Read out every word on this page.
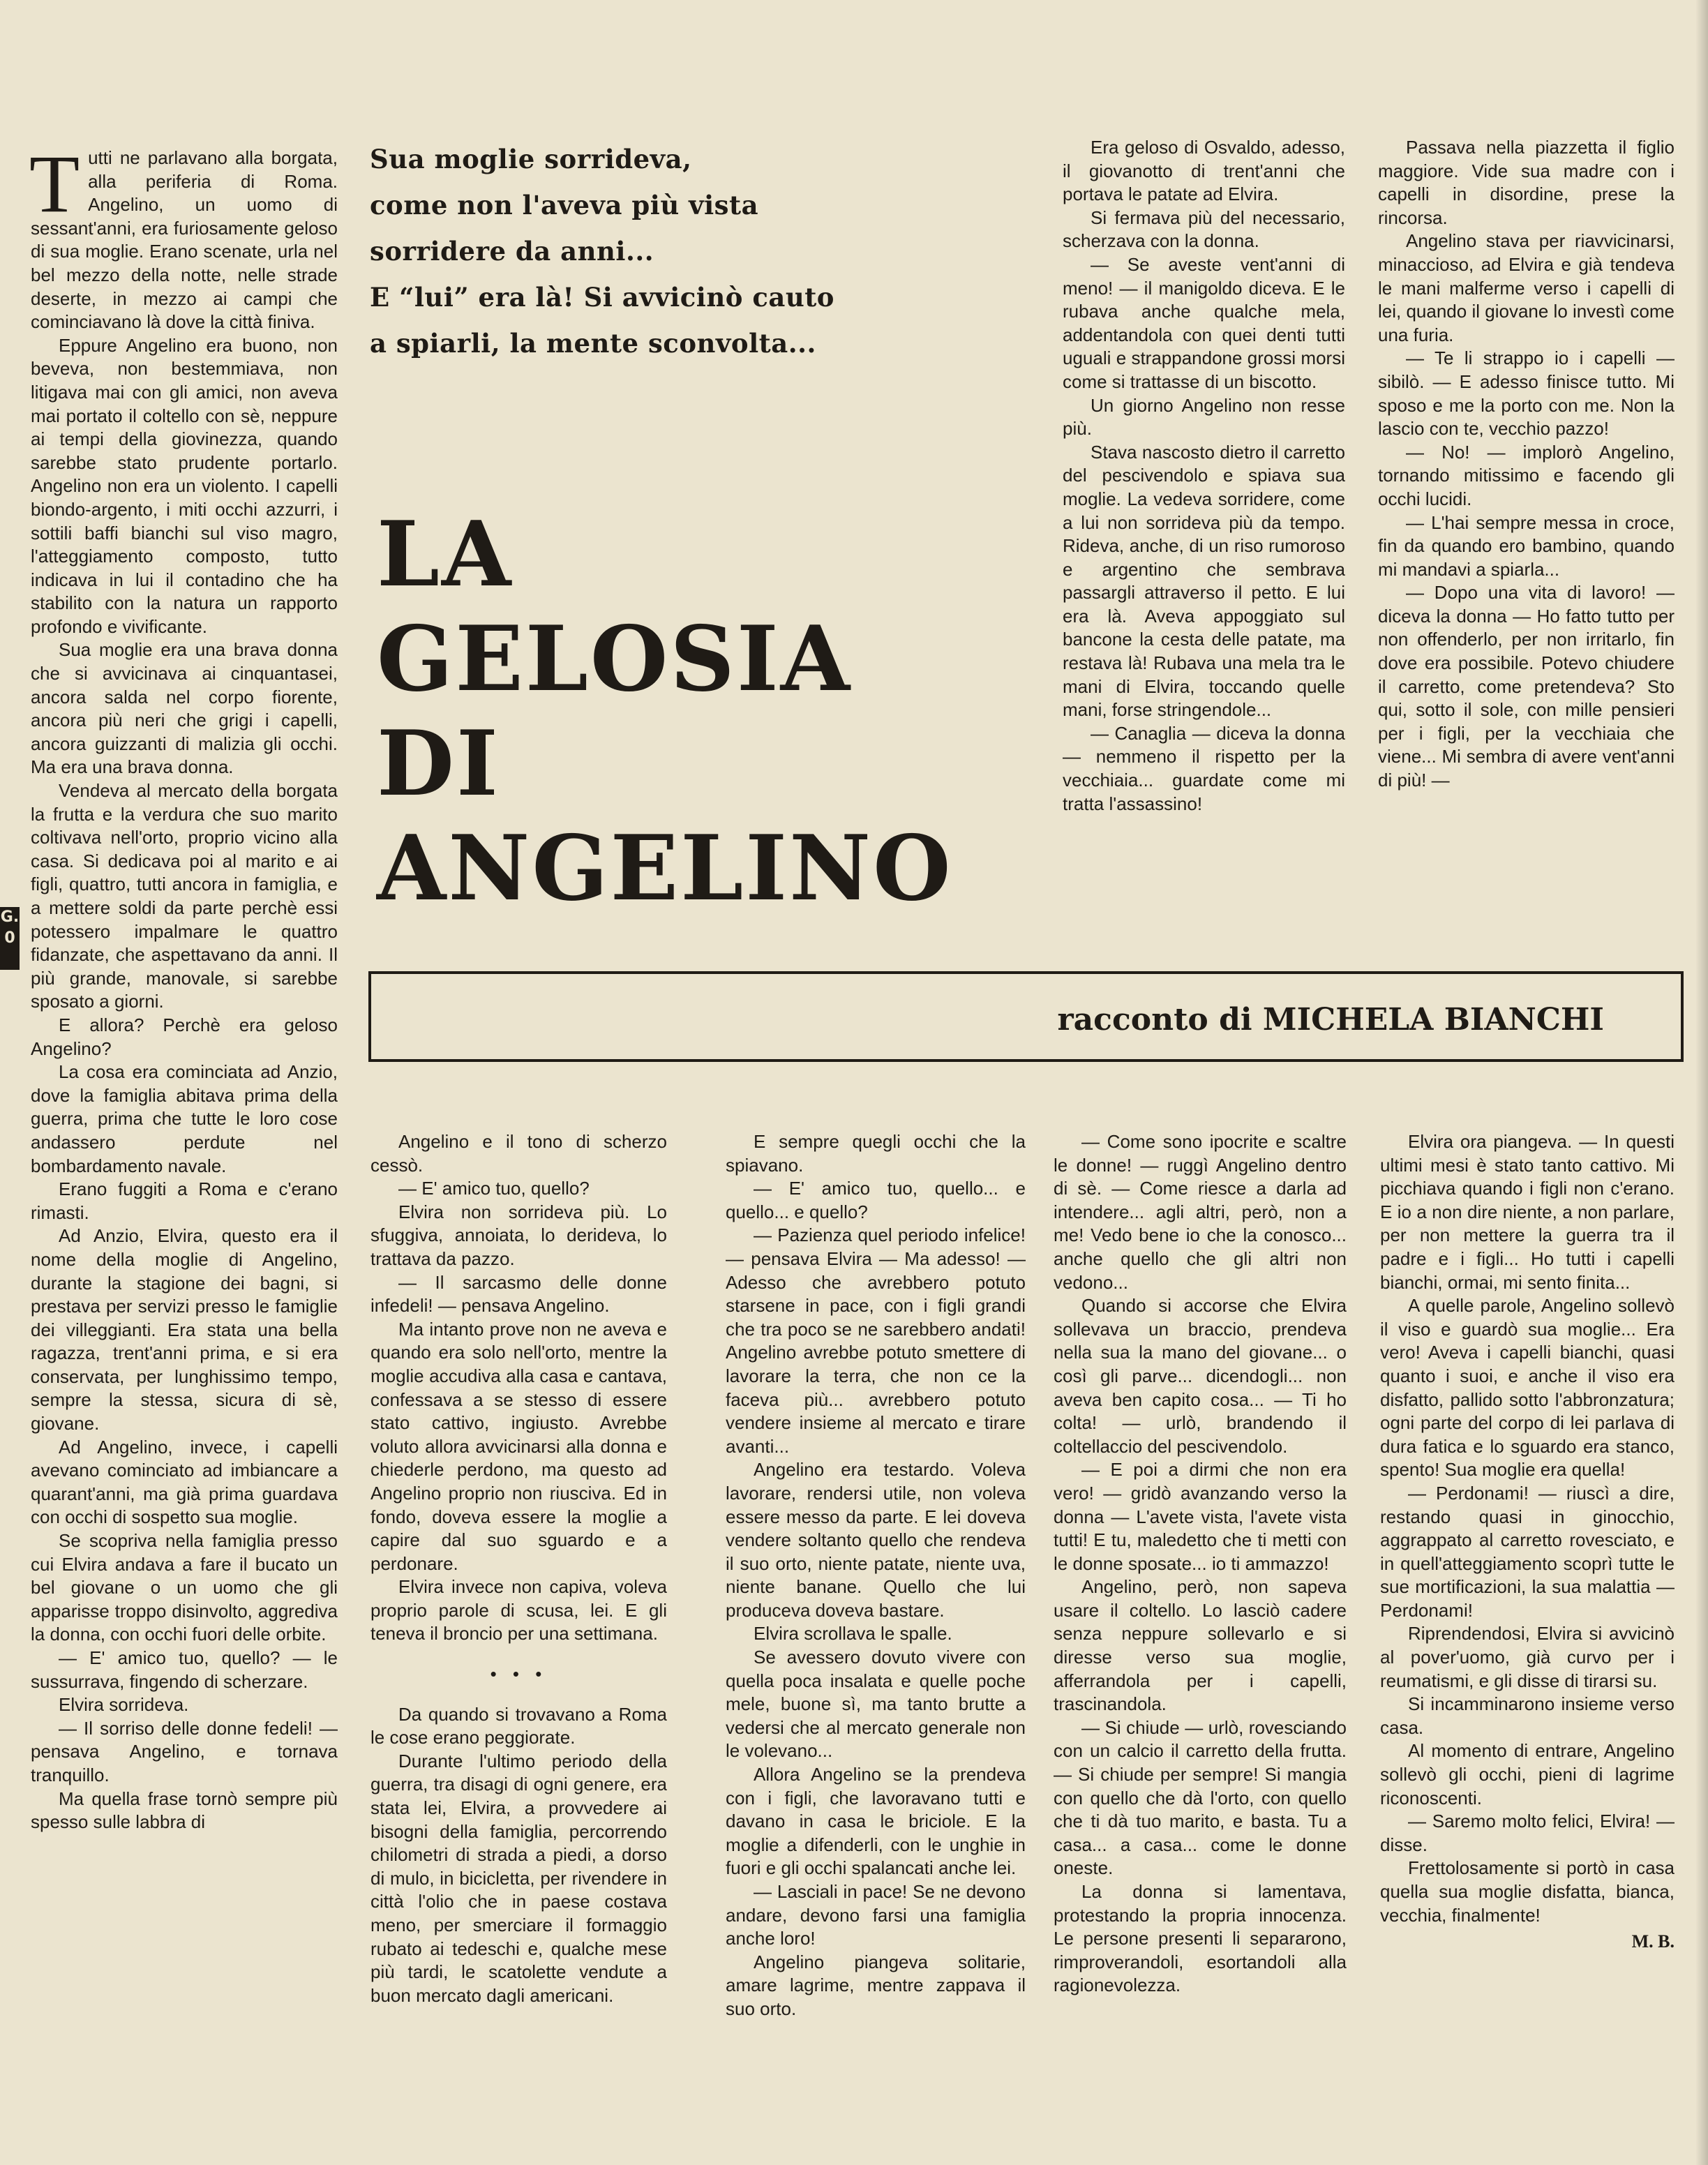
G.
0

Tutti ne parlavano alla borgata, alla periferia di Roma. Angelino, un uomo di sessant'anni, era furiosamente geloso di sua moglie. Erano scenate, urla nel bel mezzo della notte, nelle strade deserte, in mezzo ai campi che cominciavano là dove la città finiva.

Eppure Angelino era buono, non beveva, non bestemmiava, non litigava mai con gli amici, non aveva mai portato il coltello con sè, neppure ai tempi della giovinezza, quando sarebbe stato prudente portarlo. Angelino non era un violento. I capelli biondo-argento, i miti occhi azzurri, i sottili baffi bianchi sul viso magro, l'atteggiamento composto, tutto indicava in lui il contadino che ha stabilito con la natura un rapporto profondo e vivificante.

Sua moglie era una brava donna che si avvicinava ai cinquantasei, ancora salda nel corpo fiorente, ancora più neri che grigi i capelli, ancora guizzanti di malizia gli occhi. Ma era una brava donna.

Vendeva al mercato della borgata la frutta e la verdura che suo marito coltivava nell'orto, proprio vicino alla casa. Si dedicava poi al marito e ai figli, quattro, tutti ancora in famiglia, e a mettere soldi da parte perchè essi potessero impalmare le quattro fidanzate, che aspettavano da anni. Il più grande, manovale, si sarebbe sposato a giorni.

E allora? Perchè era geloso Angelino?

La cosa era cominciata ad Anzio, dove la famiglia abitava prima della guerra, prima che tutte le loro cose andassero perdute nel bombardamento navale.

Erano fuggiti a Roma e c'erano rimasti.

Ad Anzio, Elvira, questo era il nome della moglie di Angelino, durante la stagione dei bagni, si prestava per servizi presso le famiglie dei villeggianti. Era stata una bella ragazza, trent'anni prima, e si era conservata, per lunghissimo tempo, sempre la stessa, sicura di sè, giovane.

Ad Angelino, invece, i capelli avevano cominciato ad imbiancare a quarant'anni, ma già prima guardava con occhi di sospetto sua moglie.

Se scopriva nella famiglia presso cui Elvira andava a fare il bucato un bel giovane o un uomo che gli apparisse troppo disinvolto, aggrediva la donna, con occhi fuori delle orbite.

— E' amico tuo, quello? — le sussurrava, fingendo di scherzare.

Elvira sorrideva.

— Il sorriso delle donne fedeli! — pensava Angelino, e tornava tranquillo.

Ma quella frase tornò sempre più spesso sulle labbra di

Sua moglie sorrideva,
come non l'aveva più vista
sorridere da anni...
E “lui” era là! Si avvicinò cauto
a spiarli, la mente sconvolta...
LA
GELOSIA
DI
ANGELINO

Era geloso di Osvaldo, adesso, il giovanotto di trent'anni che portava le patate ad Elvira.

Si fermava più del necessario, scherzava con la donna.

— Se aveste vent'anni di meno! — il manigoldo diceva. E le rubava anche qualche mela, addentandola con quei denti tutti uguali e strappandone grossi morsi come si trattasse di un biscotto.

Un giorno Angelino non resse più.

Stava nascosto dietro il carretto del pescivendolo e spiava sua moglie. La vedeva sorridere, come a lui non sorrideva più da tempo. Rideva, anche, di un riso rumoroso e argentino che sembrava passargli attraverso il petto. E lui era là. Aveva appoggiato sul bancone la cesta delle patate, ma restava là! Rubava una mela tra le mani di Elvira, toccando quelle mani, forse stringendole...

— Canaglia — diceva la donna — nemmeno il rispetto per la vecchiaia... guardate come mi tratta l'assassino!

Passava nella piazzetta il figlio maggiore. Vide sua madre con i capelli in disordine, prese la rincorsa.

Angelino stava per riavvicinarsi, minaccioso, ad Elvira e già tendeva le mani malferme verso i capelli di lei, quando il giovane lo investì come una furia.

— Te li strappo io i capelli — sibilò. — E adesso finisce tutto. Mi sposo e me la porto con me. Non la lascio con te, vecchio pazzo!

— No! — implorò Angelino, tornando mitissimo e facendo gli occhi lucidi.

— L'hai sempre messa in croce, fin da quando ero bambino, quando mi mandavi a spiarla...

— Dopo una vita di lavoro! — diceva la donna — Ho fatto tutto per non offenderlo, per non irritarlo, fin dove era possibile. Potevo chiudere il carretto, come pretendeva? Sto qui, sotto il sole, con mille pensieri per i figli, per la vecchiaia che viene... Mi sembra di avere vent'anni di più! —

racconto di MICHELA BIANCHI

Angelino e il tono di scherzo cessò.

— E' amico tuo, quello?

Elvira non sorrideva più. Lo sfuggiva, annoiata, lo derideva, lo trattava da pazzo.

— Il sarcasmo delle donne infedeli! — pensava Angelino.

Ma intanto prove non ne aveva e quando era solo nell'orto, mentre la moglie accudiva alla casa e cantava, confessava a se stesso di essere stato cattivo, ingiusto. Avrebbe voluto allora avvicinarsi alla donna e chiederle perdono, ma questo ad Angelino proprio non riusciva. Ed in fondo, doveva essere la moglie a capire dal suo sguardo e a perdonare.

Elvira invece non capiva, voleva proprio parole di scusa, lei. E gli teneva il broncio per una settimana.

• • •

Da quando si trovavano a Roma le cose erano peggiorate.

Durante l'ultimo periodo della guerra, tra disagi di ogni genere, era stata lei, Elvira, a provvedere ai bisogni della famiglia, percorrendo chilometri di strada a piedi, a dorso di mulo, in bicicletta, per rivendere in città l'olio che in paese costava meno, per smerciare il formaggio rubato ai tedeschi e, qualche mese più tardi, le scatolette vendute a buon mercato dagli americani.

E sempre quegli occhi che la spiavano.

— E' amico tuo, quello... e quello... e quello?

— Pazienza quel periodo infelice! — pensava Elvira — Ma adesso! — Adesso che avrebbero potuto starsene in pace, con i figli grandi che tra poco se ne sarebbero andati! Angelino avrebbe potuto smettere di lavorare la terra, che non ce la faceva più... avrebbero potuto vendere insieme al mercato e tirare avanti...

Angelino era testardo. Voleva lavorare, rendersi utile, non voleva essere messo da parte. E lei doveva vendere soltanto quello che rendeva il suo orto, niente patate, niente uva, niente banane. Quello che lui produceva doveva bastare.

Elvira scrollava le spalle.

Se avessero dovuto vivere con quella poca insalata e quelle poche mele, buone sì, ma tanto brutte a vedersi che al mercato generale non le volevano...

Allora Angelino se la prendeva con i figli, che lavoravano tutti e davano in casa le briciole. E la moglie a difenderli, con le unghie in fuori e gli occhi spalancati anche lei.

— Lasciali in pace! Se ne devono andare, devono farsi una famiglia anche loro!

Angelino piangeva solitarie, amare lagrime, mentre zappava il suo orto.

— Come sono ipocrite e scaltre le donne! — ruggì Angelino dentro di sè. — Come riesce a darla ad intendere... agli altri, però, non a me! Vedo bene io che la conosco... anche quello che gli altri non vedono...

Quando si accorse che Elvira sollevava un braccio, prendeva nella sua la mano del giovane... o così gli parve... dicendogli... non aveva ben capito cosa... — Ti ho colta! — urlò, brandendo il coltellaccio del pescivendolo.

— E poi a dirmi che non era vero! — gridò avanzando verso la donna — L'avete vista, l'avete vista tutti! E tu, maledetto che ti metti con le donne sposate... io ti ammazzo!

Angelino, però, non sapeva usare il coltello. Lo lasciò cadere senza neppure sollevarlo e si diresse verso sua moglie, afferrandola per i capelli, trascinandola.

— Si chiude — urlò, rovesciando con un calcio il carretto della frutta. — Si chiude per sempre! Si mangia con quello che dà l'orto, con quello che ti dà tuo marito, e basta. Tu a casa... a casa... come le donne oneste.

La donna si lamentava, protestando la propria innocenza. Le persone presenti li separarono, rimproverandoli, esortandoli alla ragionevolezza.

Elvira ora piangeva. — In questi ultimi mesi è stato tanto cattivo. Mi picchiava quando i figli non c'erano. E io a non dire niente, a non parlare, per non mettere la guerra tra il padre e i figli... Ho tutti i capelli bianchi, ormai, mi sento finita...

A quelle parole, Angelino sollevò il viso e guardò sua moglie... Era vero! Aveva i capelli bianchi, quasi quanto i suoi, e anche il viso era disfatto, pallido sotto l'abbronzatura; ogni parte del corpo di lei parlava di dura fatica e lo sguardo era stanco, spento! Sua moglie era quella!

— Perdonami! — riuscì a dire, restando quasi in ginocchio, aggrappato al carretto rovesciato, e in quell'atteggiamento scoprì tutte le sue mortificazioni, la sua malattia — Perdonami!

Riprendendosi, Elvira si avvicinò al pover'uomo, già curvo per i reumatismi, e gli disse di tirarsi su.

Si incamminarono insieme verso casa.

Al momento di entrare, Angelino sollevò gli occhi, pieni di lagrime riconoscenti.

— Saremo molto felici, Elvira! — disse.

Frettolosamente si portò in casa quella sua moglie disfatta, bianca, vecchia, finalmente!

M. B.
